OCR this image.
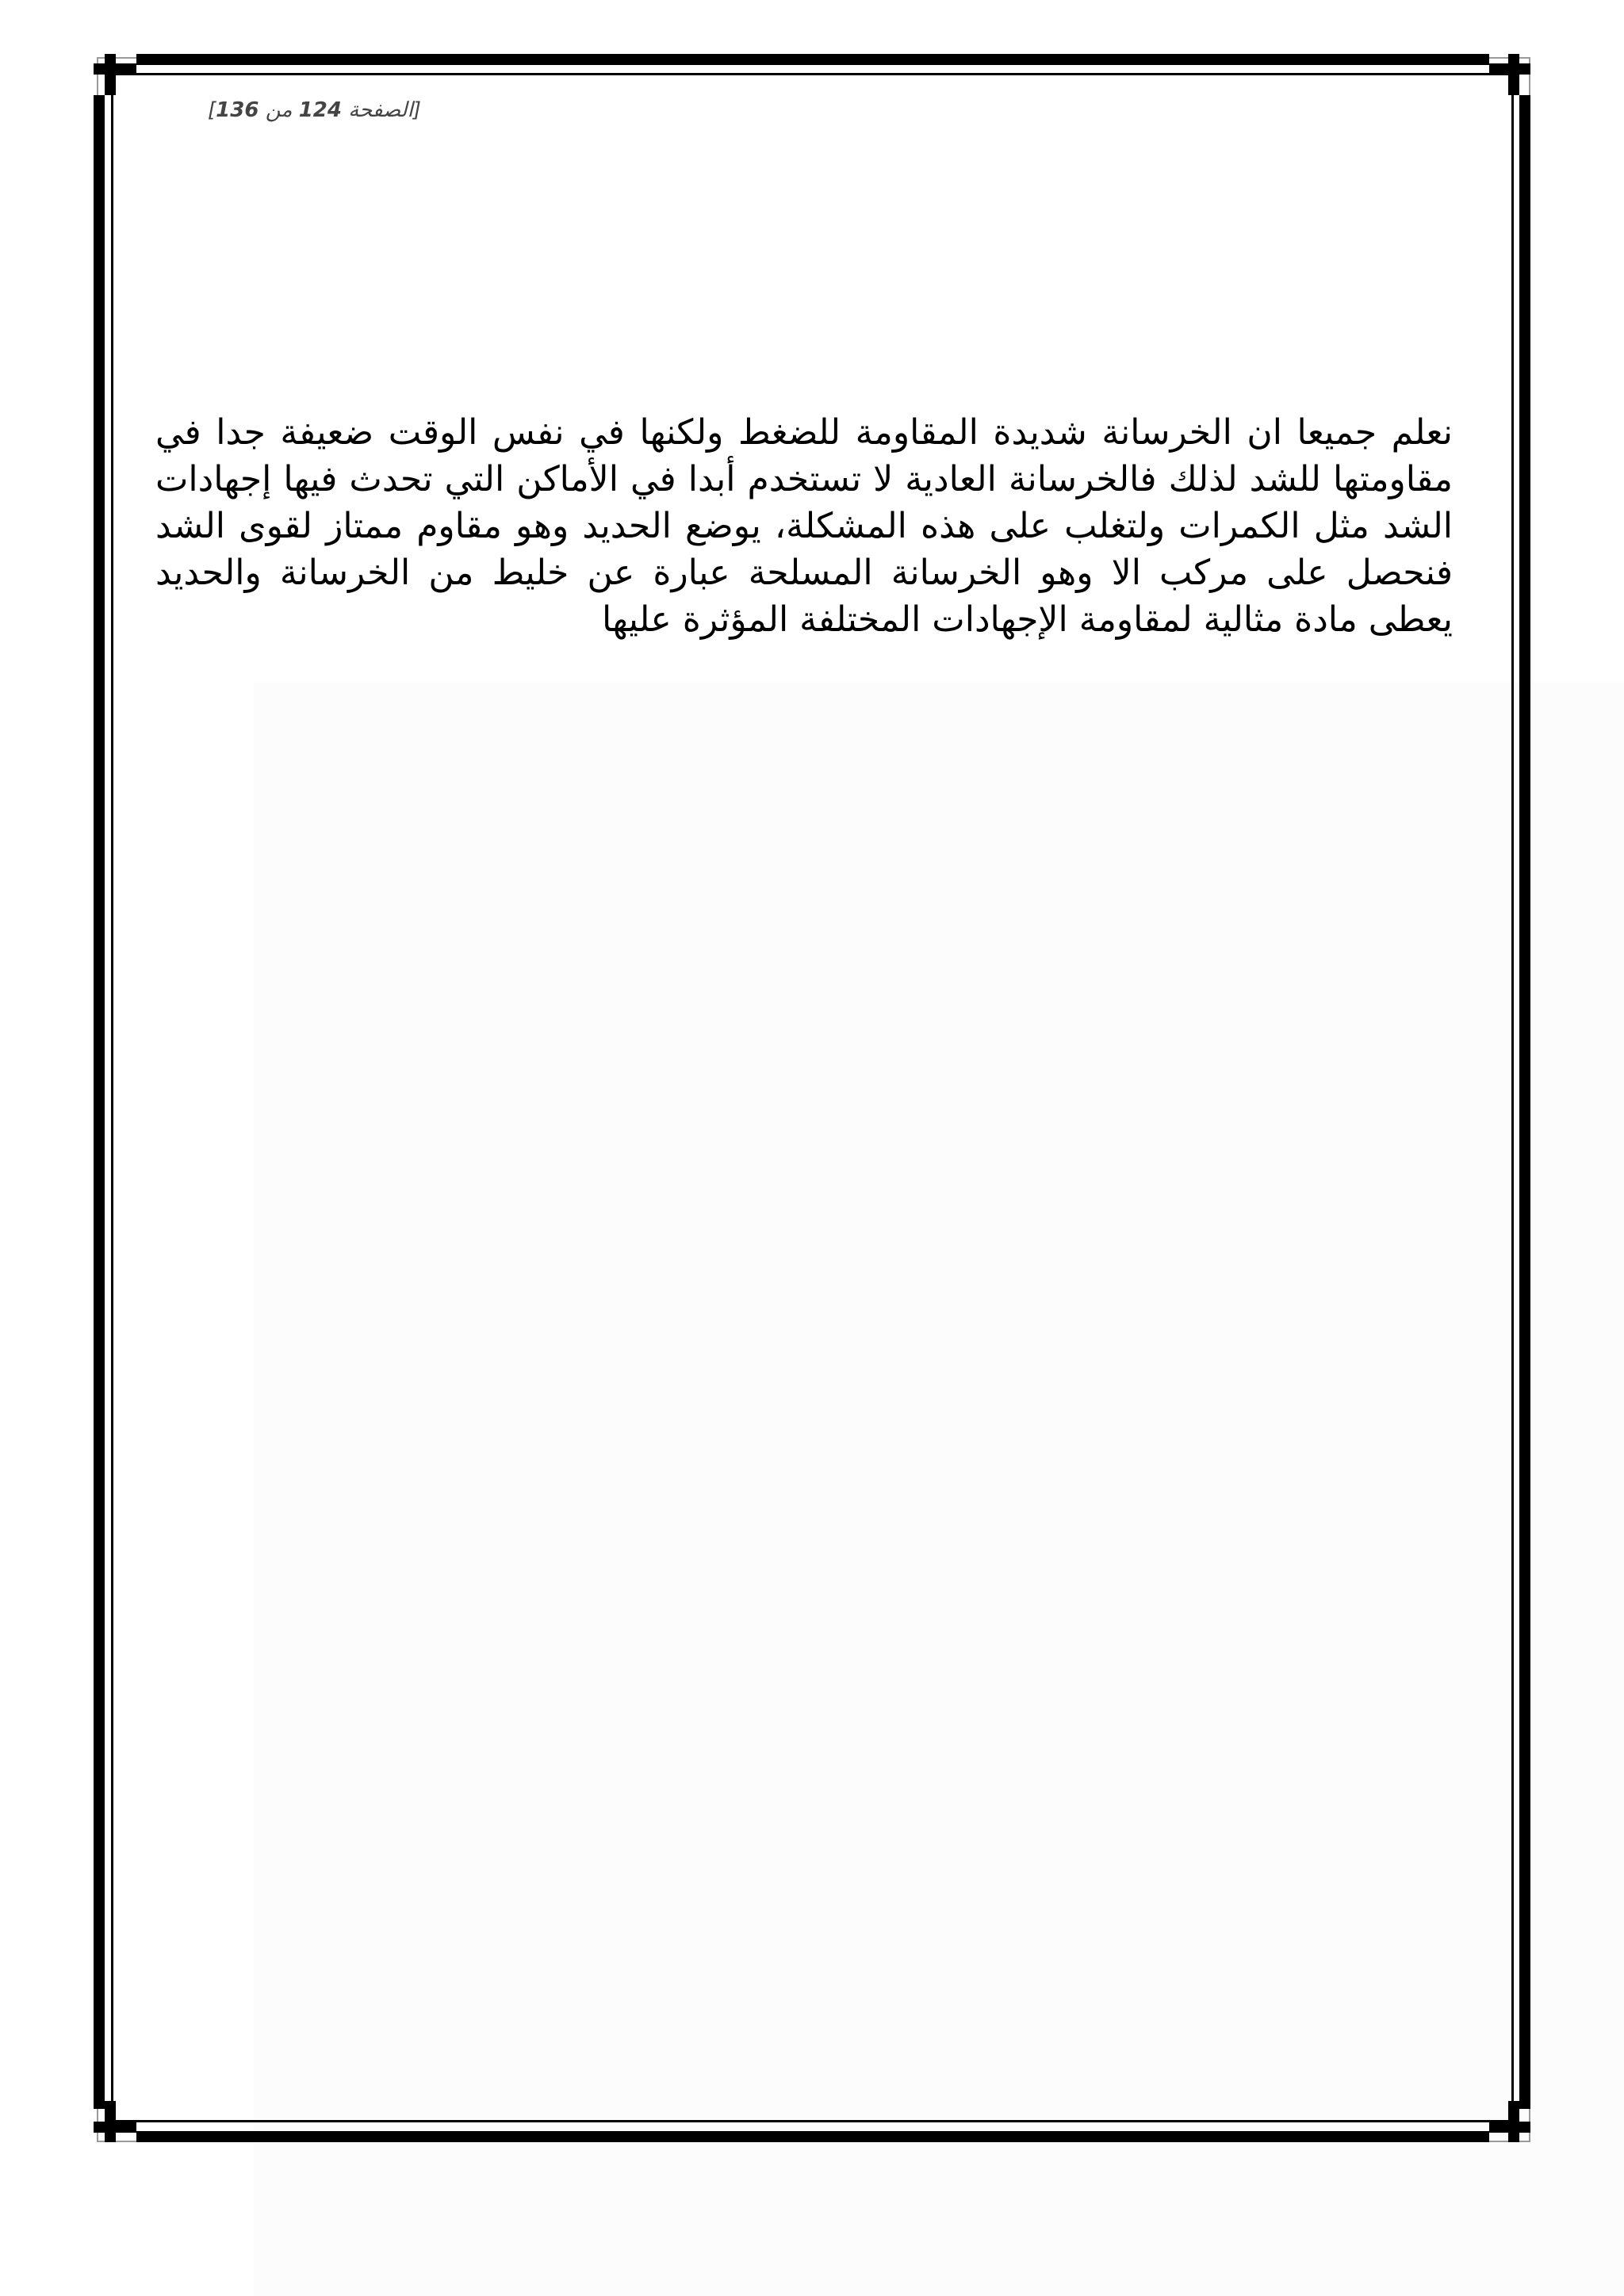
[الصفحة 124 من 136]

نعلم جميعا ان الخرسانة شديدة المقاومة للضغط ولكنها في نفس الوقت ضعيفة جدا في مقاومتها للشد لذلك فالخرسانة العادية لا تستخدم أبدا في الأماكن التي تحدث فيها إجهادات الشد مثل الكمرات ولتغلب على هذه المشكلة، يوضع الحديد وهو مقاوم ممتاز لقوى الشد فنحصل على مركب الا وهو الخرسانة المسلحة عبارة عن خليط من الخرسانة والحديد يعطى مادة مثالية لمقاومة الإجهادات المختلفة المؤثرة عليها
